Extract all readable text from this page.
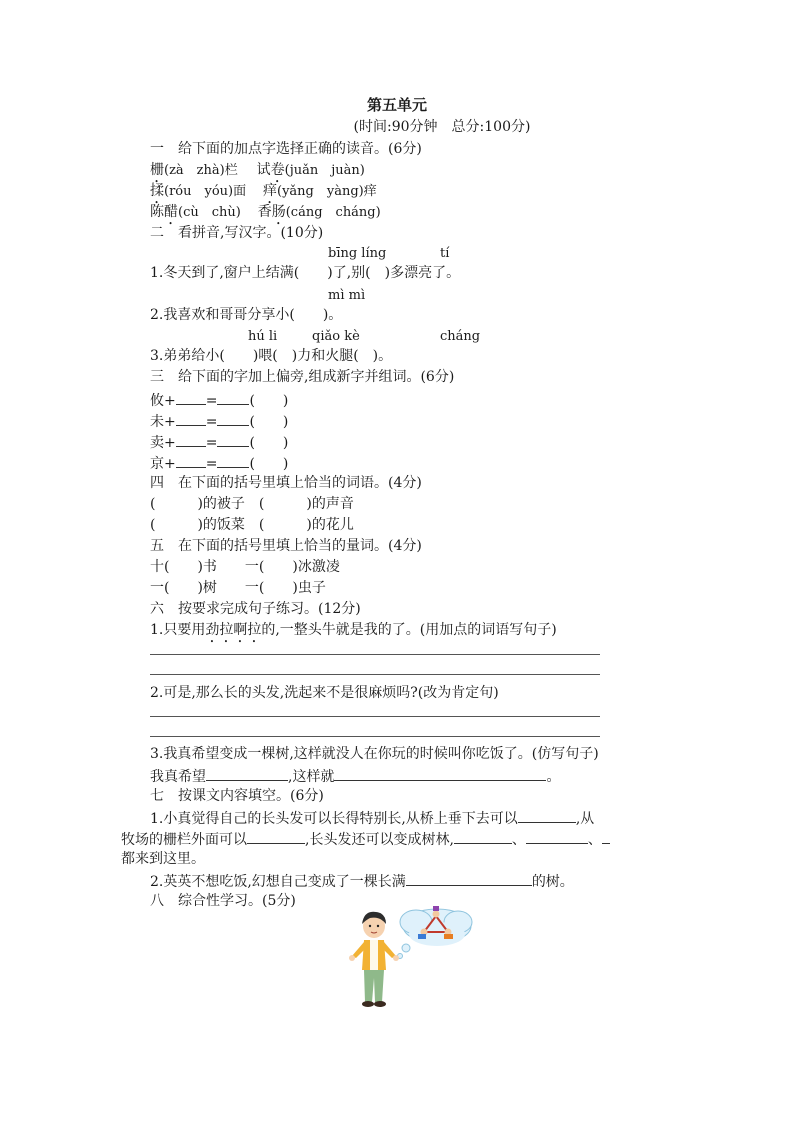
第五单元
(时间:90分钟　总分:100分)
一　给下面的加点字选择正确的读音。(6分)
栅(zà　zhà)栏 试卷(juǎn　juàn)
揉(róu　yóu)面 痒(yǎng　yàng)痒
陈醋(cù　chù) 香肠(cáng　cháng)
二　看拼音,写汉字。(10分)
bīng líng	tí
1.冬天到了,窗户上结满(　　)了,别(　)多漂亮了。
mì mì
2.我喜欢和哥哥分享小(　　)。
hú li	qiǎo kè	cháng
3.弟弟给小(　　)喂(　)力和火腿(　)。
三　给下面的字加上偏旁,组成新字并组词。(6分)
攸+ = (　　)
未+ = (　　)
卖+ = (　　)
京+ = (　　)
四　在下面的括号里填上恰当的词语。(4分)
(　　　)的被子　(　　　)的声音
(　　　)的饭菜　(　　　)的花儿
五　在下面的括号里填上恰当的量词。(4分)
十(　　)书　　一(　　)冰激凌
一(　　)树　　一(　　)虫子
六　按要求完成句子练习。(12分)
1.只要用劲拉啊拉的,一整头牛就是我的了。(用加点的词语写句子)
2.可是,那么长的头发,洗起来不是很麻烦吗?(改为肯定句)
3.我真希望变成一棵树,这样就没人在你玩的时候叫你吃饭了。(仿写句子)
我真希望	,这样就	。
七　按课文内容填空。(6分)
1.小真觉得自己的长头发可以长得特别长,从桥上垂下去可以	,从
牧场的栅栏外面可以	,长头发还可以变成树林,	、	、
都来到这里。
2.英英不想吃饭,幻想自己变成了一棵长满	的树。
八　综合性学习。(5分)
